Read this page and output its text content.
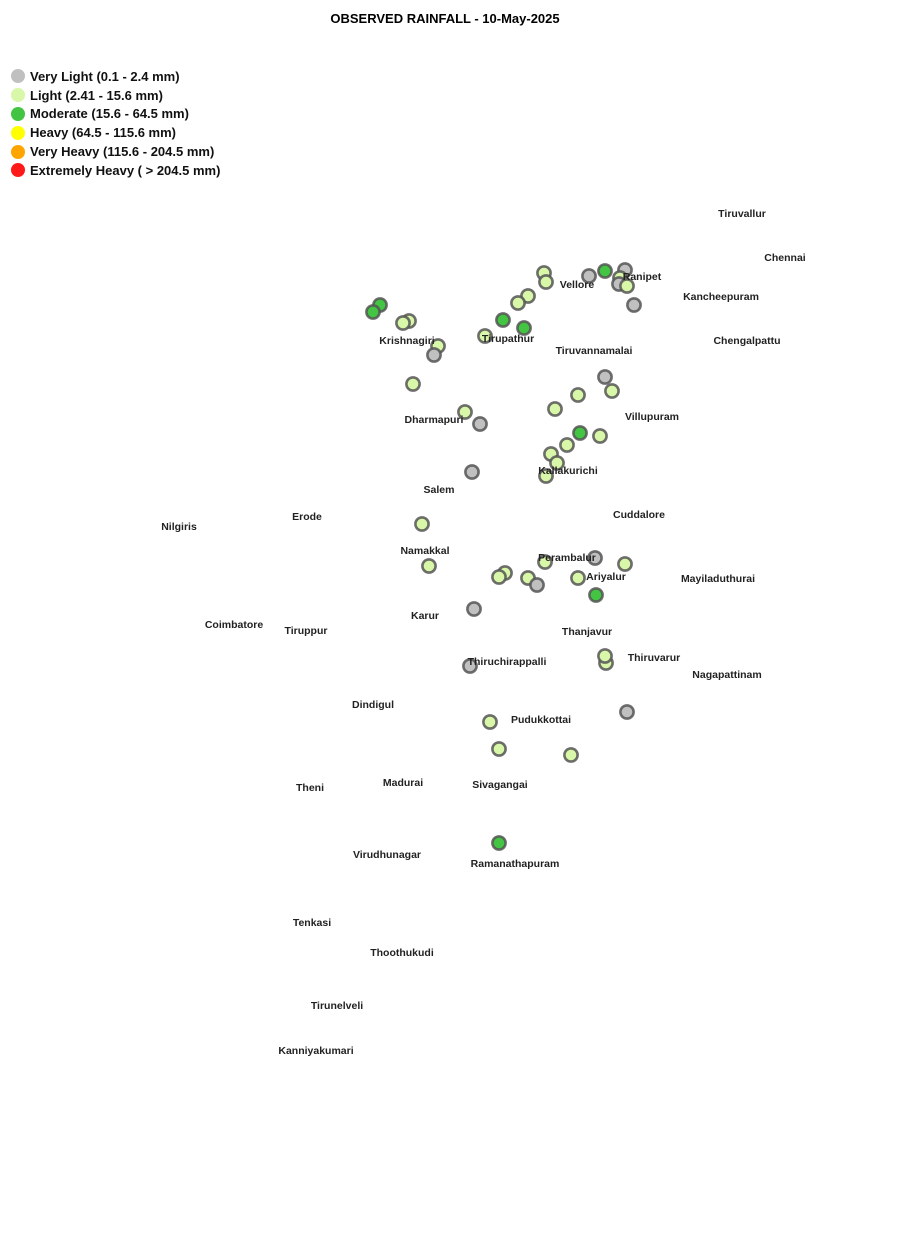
OBSERVED RAINFALL - 10-May-2025
Very Light (0.1 - 2.4 mm)
Light (2.41 - 15.6 mm)
Moderate (15.6 - 64.5 mm)
Heavy (64.5 - 115.6 mm)
Very Heavy (115.6 - 204.5 mm)
Extremely Heavy ( > 204.5 mm)
Tiruvallur
Chennai
Ranipet
Vellore
Kancheepuram
Krishnagiri	Tirupathur	Chengalpattu
Tiruvannamalai
Villupuram
Dharmapuri
Kallakurichi
Salem
Cuddalore
Erode
Nilgiris
Namakkal
Perambalur
Ariyalur	Mayiladuthurai
Karur
Coimbatore Tiruppur	Thanjavur
Thiruvarur
Thiruchirappalli
Nagapattinam
Dindigul
Pudukkottai
Madurai
Theni	Sivagangai
Virudhunagar
Ramanathapuram
Tenkasi
Thoothukudi
Tirunelveli
Kanniyakumari
